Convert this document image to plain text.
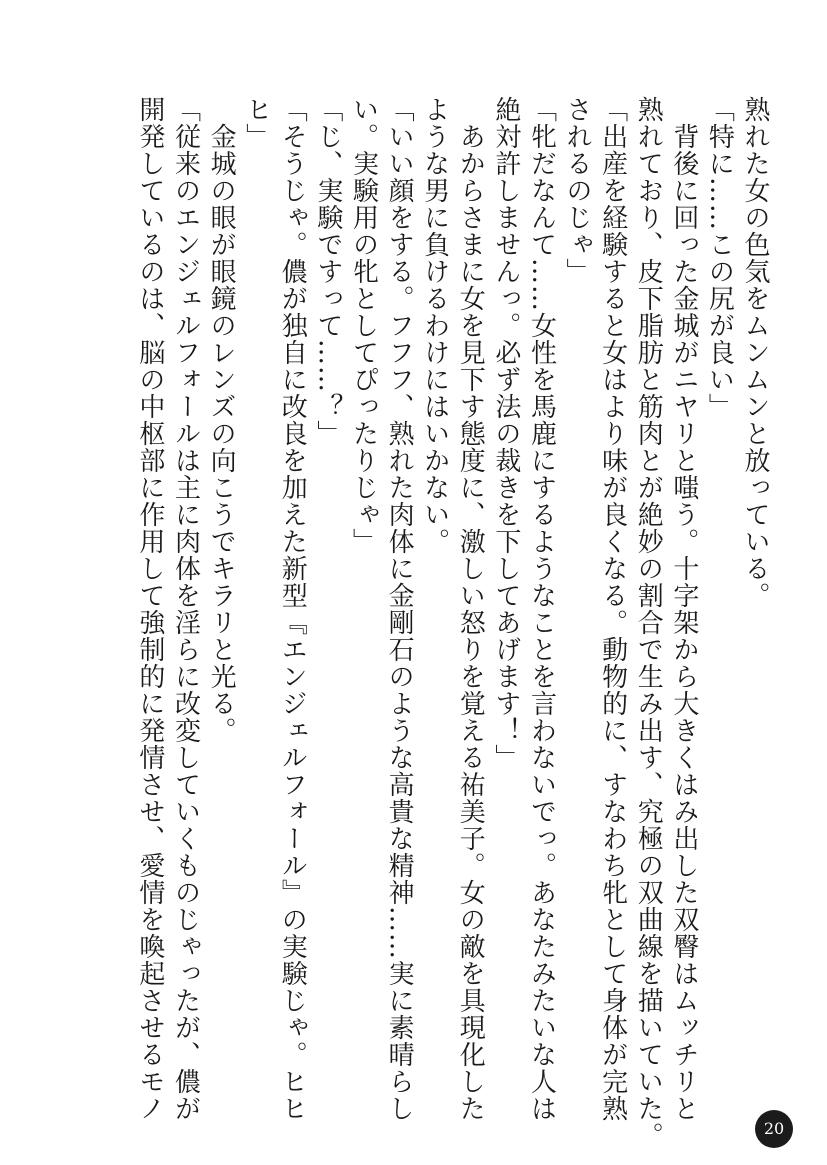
熟れた女の色気をムンムンと放っている。
「特に……この尻が良い」
　背後に回った金城がニヤリと嗤う。十字架から大きくはみ出した双臀はムッチリと
熟れており、皮下脂肪と筋肉とが絶妙の割合で生み出す、究極の双曲線を描いていた。
「出産を経験すると女はより味が良くなる。動物的に、すなわち牝として身体が完熟
されるのじゃ」
「牝だなんて……女性を馬鹿にするようなことを言わないでっ。あなたみたいな人は
絶対許しませんっ。必ず法の裁きを下してあげます！」
　あからさまに女を見下す態度に、激しい怒りを覚える祐美子。女の敵を具現化した
ような男に負けるわけにはいかない。
「いい顔をする。フフフ、熟れた肉体に金剛石のような高貴な精神……実に素晴らし
い。実験用の牝としてぴったりじゃ」
「じ、実験ですって……？」
「そうじゃ。儂が独自に改良を加えた新型『エンジェルフォール』の実験じゃ。ヒヒ
ヒ」
　金城の眼が眼鏡のレンズの向こうでキラリと光る。
「従来のエンジェルフォールは主に肉体を淫らに改変していくものじゃったが、儂が
開発しているのは、脳の中枢部に作用して強制的に発情させ、愛情を喚起させるモノ
20
